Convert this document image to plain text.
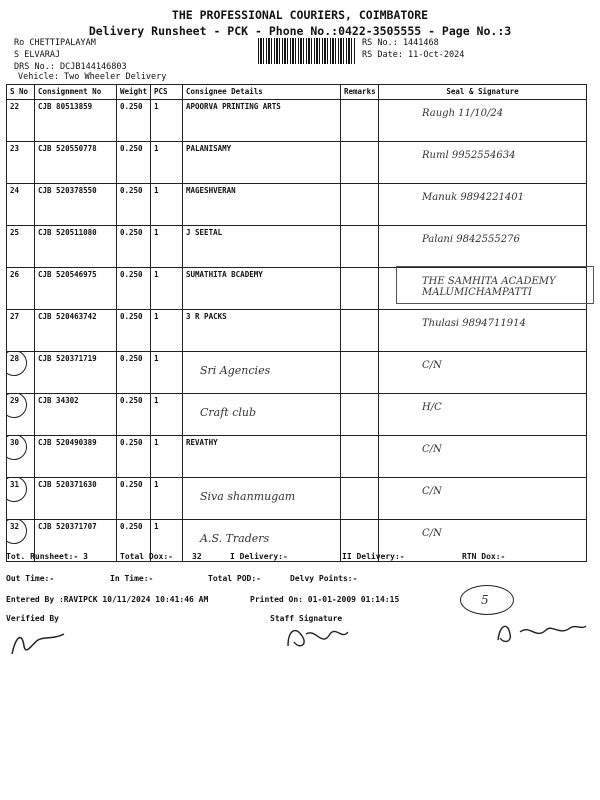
THE PROFESSIONAL COURIERS, COIMBATORE
Delivery Runsheet - PCK - Phone No.:0422-3505555 - Page No.:3
Ro CHETTIPALAYAM
S ELVARAJ
DRS No.: DCJB144146803
Vehicle: Two Wheeler Delivery
RS No.: 1441468
RS Date: 11-Oct-2024
S No	Consignment No	Weight	PCS	Consignee Details	Remarks	Seal & Signature
22	CJB 80513859	0.250	1	APOORVA PRINTING ARTS		Raugh 11/10/24

23	CJB 520550778	0.250	1	PALANISAMY		Ruml 9952554634

24	CJB 520378550	0.250	1	MAGESHVERAN		Manuk 9894221401

25	CJB 520511080	0.250	1	J SEETAL		Palani 9842555276

26	CJB 520546975	0.250	1	SUMATHITA BCADEMY		THE SAMHITA ACADEMY MALUMICHAMPATTI

27	CJB 520463742	0.250	1	3 R PACKS		Thulasi 9894711914

28	CJB 520371719	0.250	1	Sri Agencies		C/N

29	CJB 34302	0.250	1	Craft club		H/C

30	CJB 520490389	0.250	1	REVATHY		C/N

31	CJB 520371630	0.250	1	Siva shanmugam		C/N

32	CJB 520371707	0.250	1	A.S. Traders		C/N
Tot. Runsheet:- 3	Total Dox:- 32	I Delivery:-	II Delivery:-	RTN Dox:-
Out Time:-	In Time:-	Total POD:-	Delvy Points:-
Entered By :RAVIPCK 10/11/2024 10:41:46 AM	Printed On: 01-01-2009 01:14:15	5
Verified By	Staff Signature
